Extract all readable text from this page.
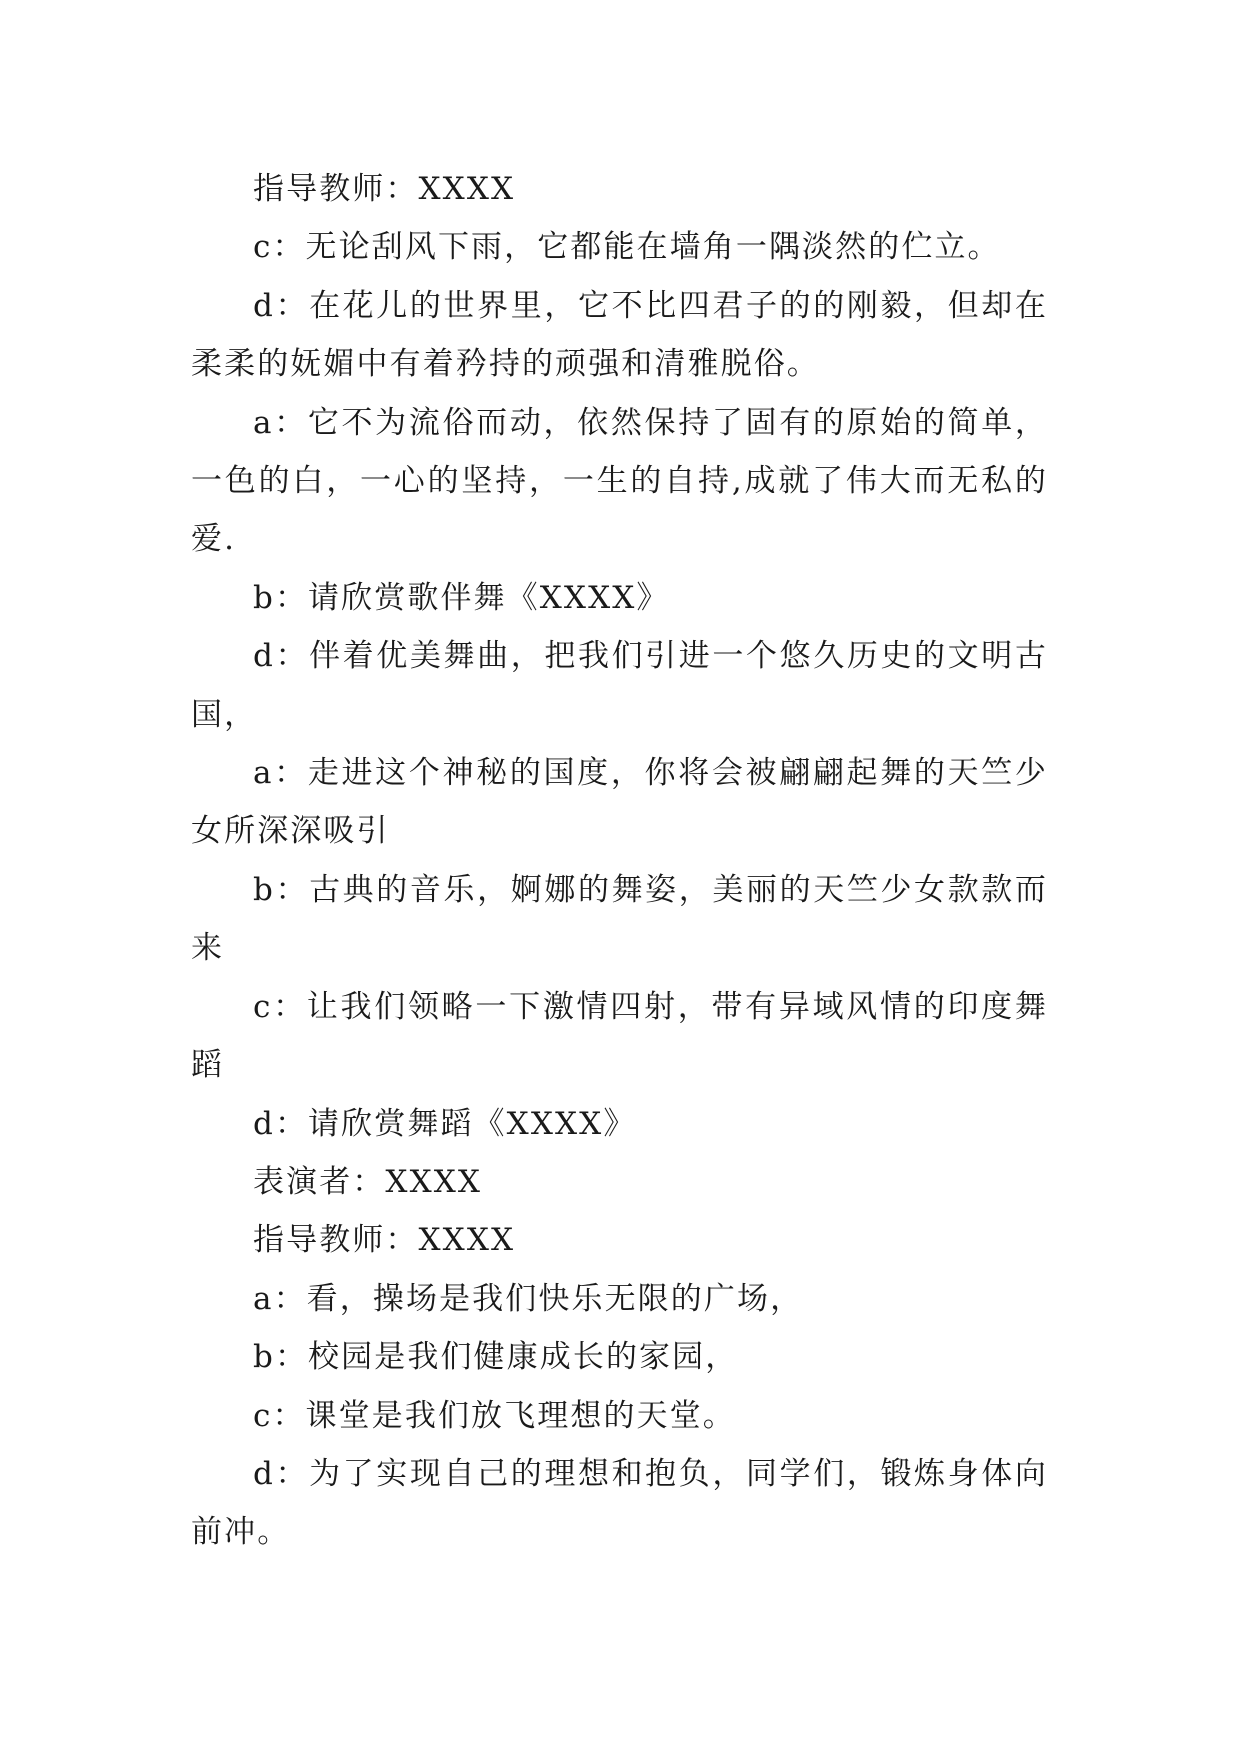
指导教师：XXXX

c：无论刮风下雨，它都能在墙角一隅淡然的伫立。

d：在花儿的世界里，它不比四君子的的刚毅，但却在柔柔的妩媚中有着矜持的顽强和清雅脱俗。

a：它不为流俗而动，依然保持了固有的原始的简单，一色的白，一心的坚持，一生的自持,成就了伟大而无私的爱.

b：请欣赏歌伴舞《XXXX》

d：伴着优美舞曲，把我们引进一个悠久历史的文明古国，

a：走进这个神秘的国度，你将会被翩翩起舞的天竺少女所深深吸引

b：古典的音乐，婀娜的舞姿，美丽的天竺少女款款而来

c：让我们领略一下激情四射，带有异域风情的印度舞蹈

d：请欣赏舞蹈《XXXX》

表演者：XXXX

指导教师：XXXX

a：看，操场是我们快乐无限的广场，

b：校园是我们健康成长的家园，

c：课堂是我们放飞理想的天堂。

d：为了实现自己的理想和抱负，同学们，锻炼身体向前冲。
